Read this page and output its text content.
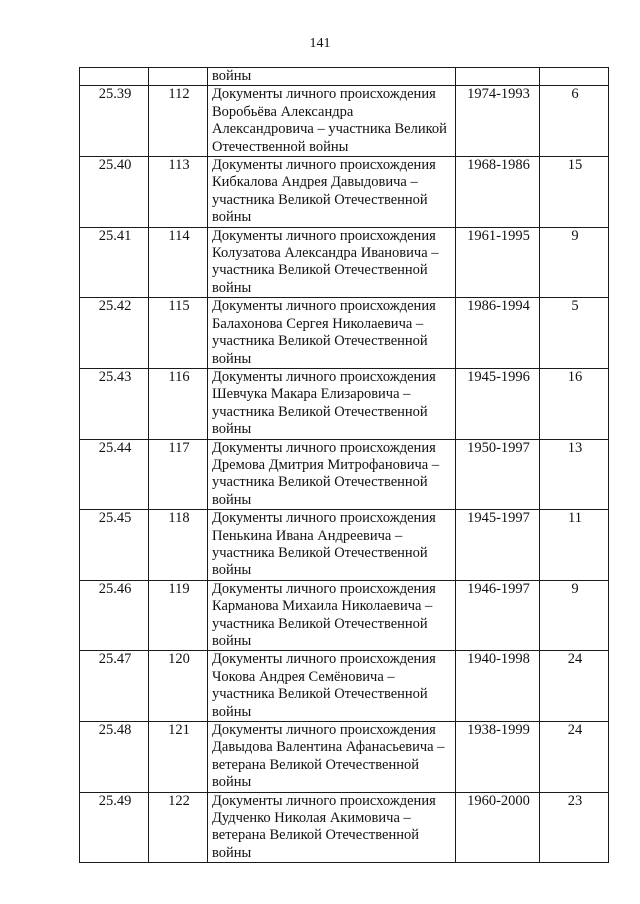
141
		войны		
25.39	112	Документы личного происхождения Воробьёва Александра Александровича – участника Великой Отечественной войны	1974-1993	6
25.40	113	Документы личного происхождения Кибкалова Андрея Давыдовича – участника Великой Отечественной войны	1968-1986	15
25.41	114	Документы личного происхождения Колузатова Александра Ивановича – участника Великой Отечественной войны	1961-1995	9
25.42	115	Документы личного происхождения Балахонова Сергея Николаевича – участника Великой Отечественной войны	1986-1994	5
25.43	116	Документы личного происхождения Шевчука Макара Елизаровича – участника Великой Отечественной войны	1945-1996	16
25.44	117	Документы личного происхождения Дремова Дмитрия Митрофановича – участника Великой Отечественной войны	1950-1997	13
25.45	118	Документы личного происхождения Пенькина Ивана Андреевича – участника Великой Отечественной войны	1945-1997	11
25.46	119	Документы личного происхождения Карманова Михаила Николаевича – участника Великой Отечественной войны	1946-1997	9
25.47	120	Документы личного происхождения Чокова Андрея Семёновича – участника Великой Отечественной войны	1940-1998	24
25.48	121	Документы личного происхождения Давыдова Валентина Афанасьевича – ветерана Великой Отечественной войны	1938-1999	24
25.49	122	Документы личного происхождения Дудченко Николая Акимовича – ветерана Великой Отечественной войны	1960-2000	23
